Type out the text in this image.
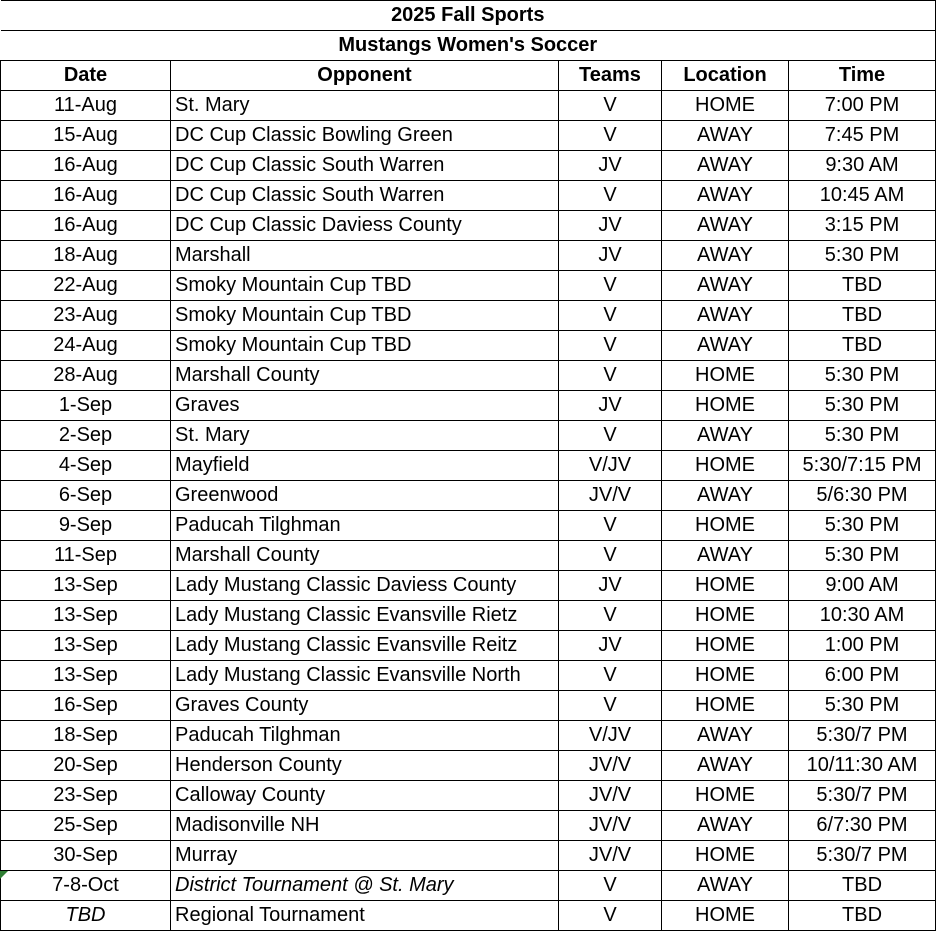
2025 Fall Sports				
Mustangs Women's Soccer				
Date	Opponent	Teams	Location	Time
11-Aug	St. Mary	V	HOME	7:00 PM
15-Aug	DC Cup Classic Bowling Green	V	AWAY	7:45 PM
16-Aug	DC Cup Classic South Warren	JV	AWAY	9:30 AM
16-Aug	DC Cup Classic South Warren	V	AWAY	10:45 AM
16-Aug	DC Cup Classic Daviess County	JV	AWAY	3:15 PM
18-Aug	Marshall	JV	AWAY	5:30 PM
22-Aug	Smoky Mountain Cup TBD	V	AWAY	TBD
23-Aug	Smoky Mountain Cup TBD	V	AWAY	TBD
24-Aug	Smoky Mountain Cup TBD	V	AWAY	TBD
28-Aug	Marshall County	V	HOME	5:30 PM
1-Sep	Graves	JV	HOME	5:30 PM
2-Sep	St. Mary	V	AWAY	5:30 PM
4-Sep	Mayfield	V/JV	HOME	5:30/7:15 PM
6-Sep	Greenwood	JV/V	AWAY	5/6:30 PM
9-Sep	Paducah Tilghman	V	HOME	5:30 PM
11-Sep	Marshall County	V	AWAY	5:30 PM
13-Sep	Lady Mustang Classic Daviess County	JV	HOME	9:00 AM
13-Sep	Lady Mustang Classic Evansville Rietz	V	HOME	10:30 AM
13-Sep	Lady Mustang Classic Evansville Reitz	JV	HOME	1:00 PM
13-Sep	Lady Mustang Classic Evansville North	V	HOME	6:00 PM
16-Sep	Graves County	V	HOME	5:30 PM
18-Sep	Paducah Tilghman	V/JV	AWAY	5:30/7 PM
20-Sep	Henderson County	JV/V	AWAY	10/11:30 AM
23-Sep	Calloway County	JV/V	HOME	5:30/7 PM
25-Sep	Madisonville NH	JV/V	AWAY	6/7:30 PM
30-Sep	Murray	JV/V	HOME	5:30/7 PM
7-8-Oct	District Tournament @ St. Mary	V	AWAY	TBD
TBD	Regional Tournament	V	HOME	TBD
